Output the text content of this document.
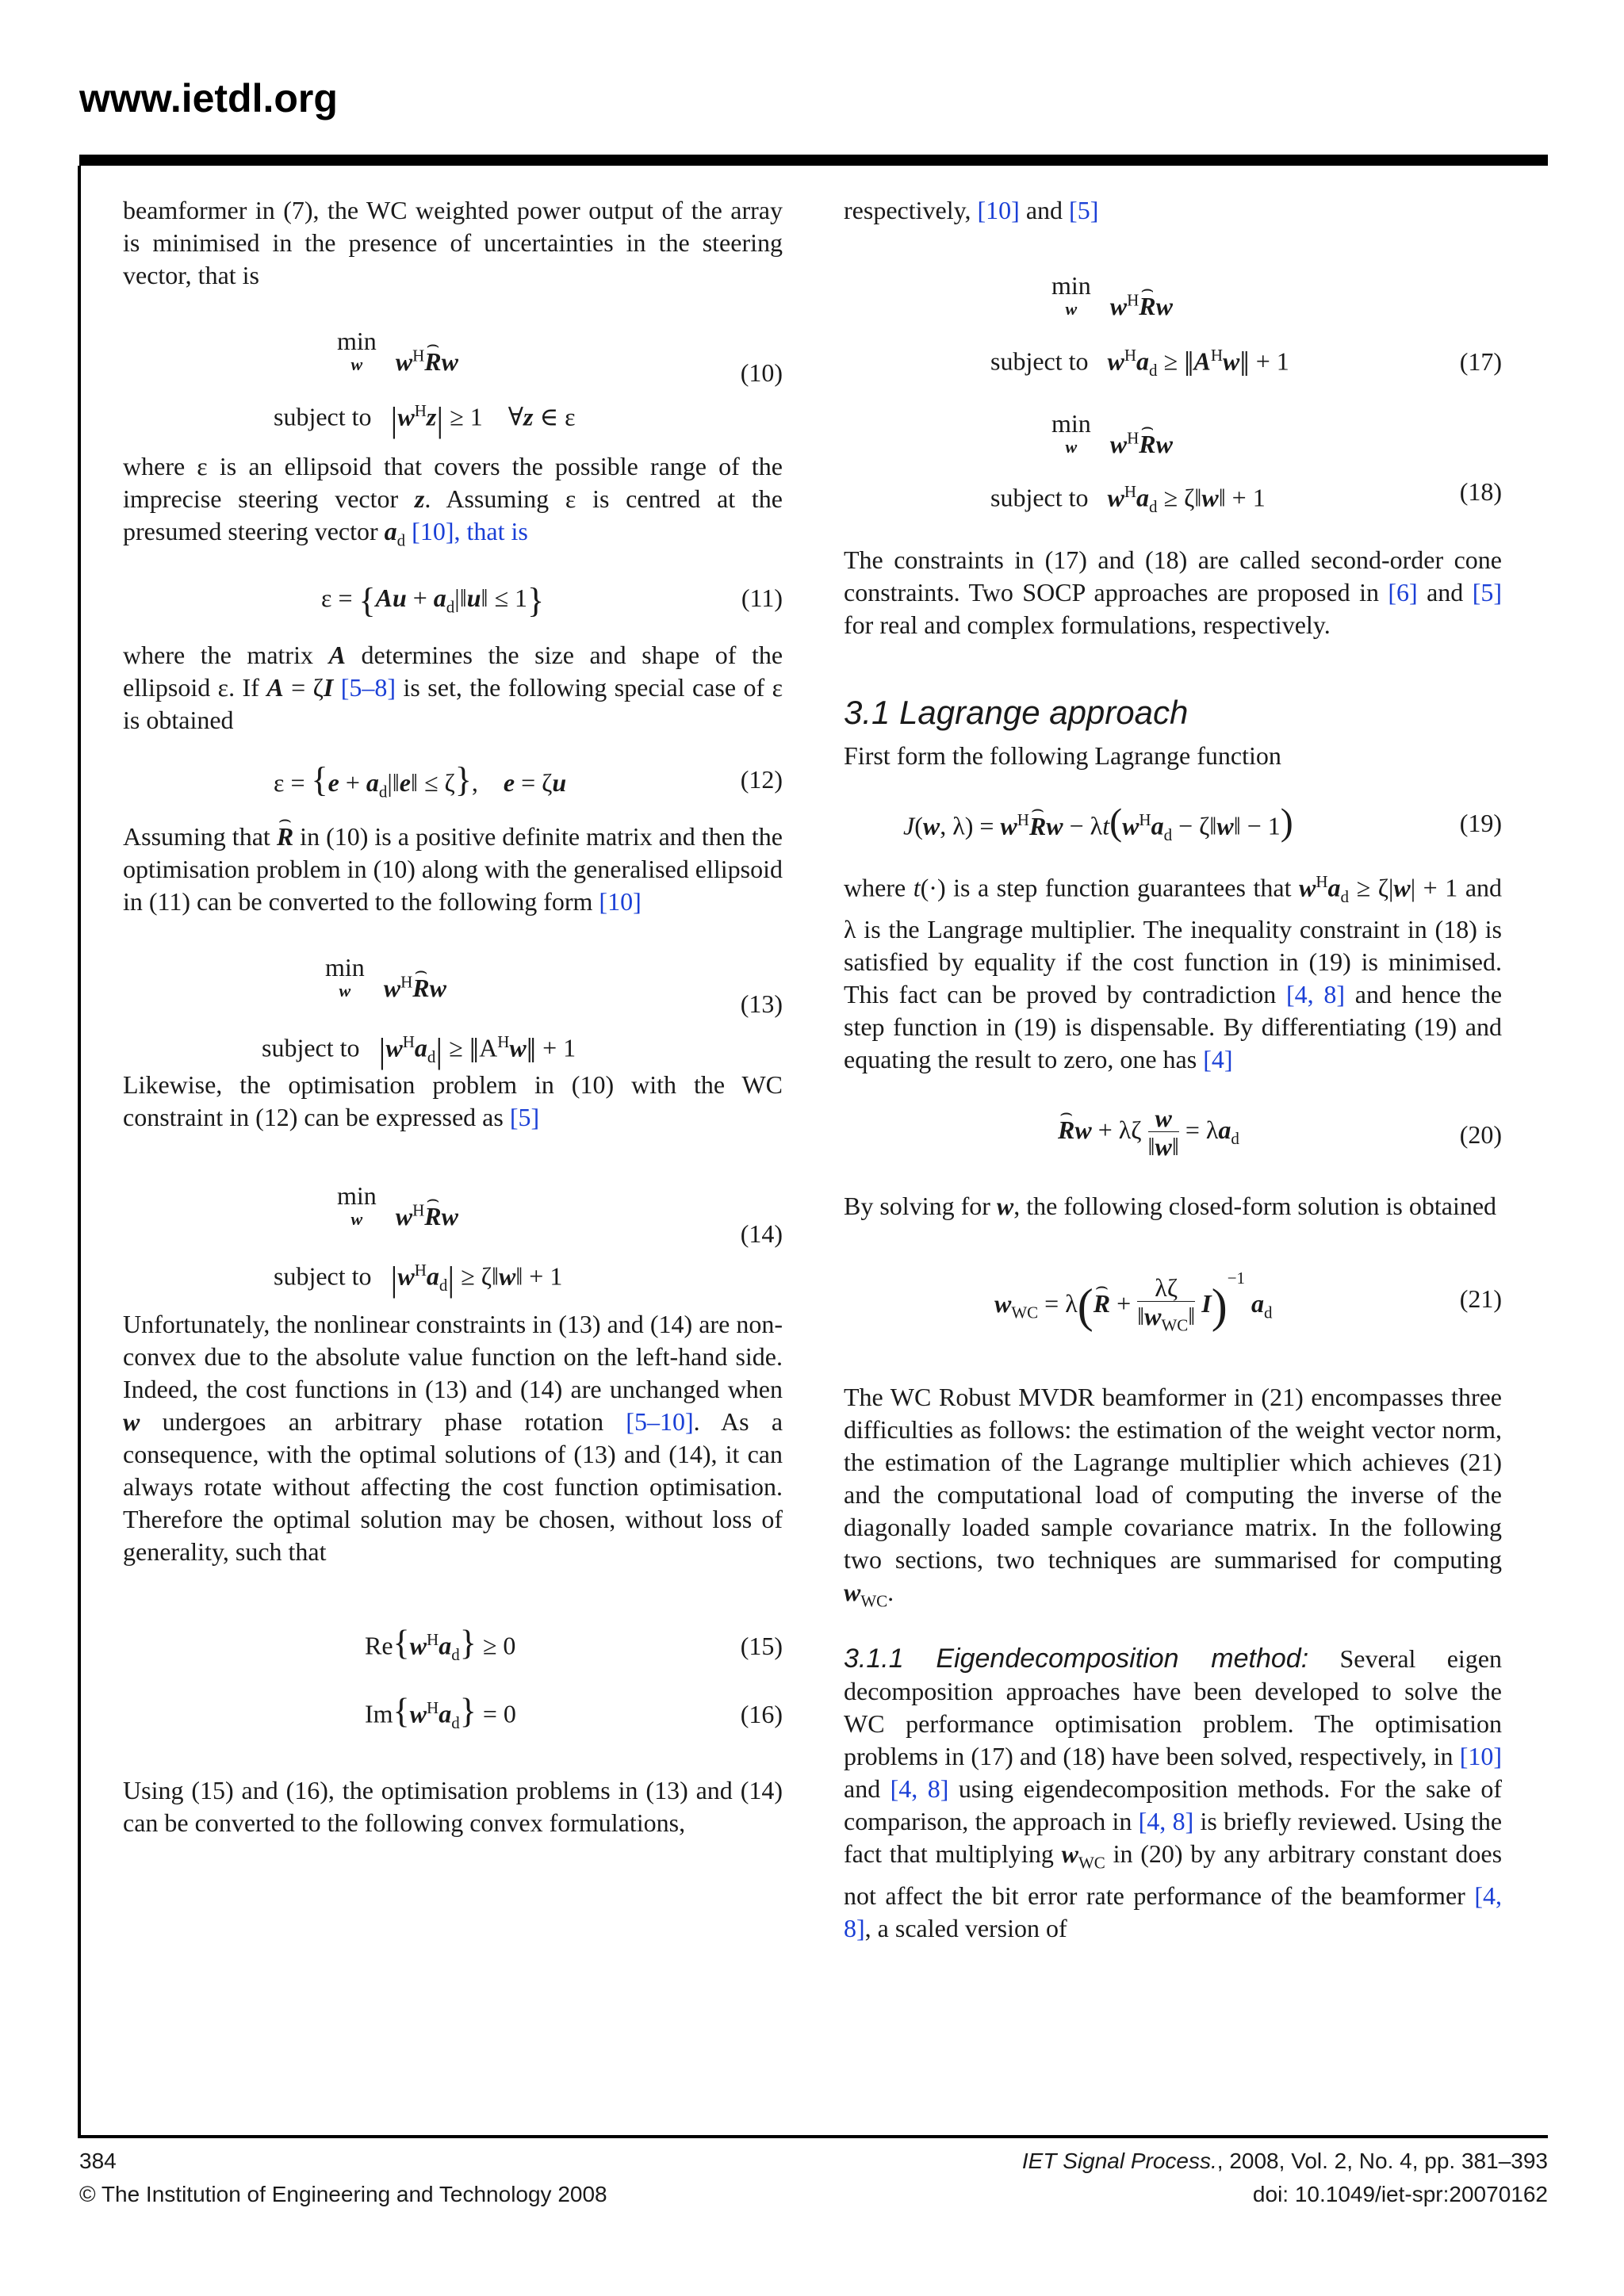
www.ietdl.org

beamformer in (7), the WC weighted power output of the array is minimised in the presence of uncertainties in the steering vector, that is

min
w	$w^H⌢$ Rw	(10)
subject to $|w^Hz| \ge 1$    ∀z ∈ ε

where ε is an ellipsoid that covers the possible range of the imprecise steering vector z. Assuming ε is centred at the presumed steering vector $a_d$ [10], that is

$\varepsilon = \{Au + a_d|‖u‖ \le 1\}$	(11)

where the matrix A determines the size and shape of the ellipsoid ε. If A = ζI [5–8] is set, the following special case of ε is obtained

$\varepsilon = \{e + a_d|‖e‖ \le \zeta\}$,    e = ζu	(12)

Assuming that ⌢ R in (10) is a positive definite matrix and then the optimisation problem in (10) along with the generalised ellipsoid in (11) can be converted to the following form [10]

min
w	$w^H⌢$ Rw
(13)
subject to $|w^Ha_d|$ ≥ $‖A^Hw‖ + 1$

Likewise, the optimisation problem in (10) with the WC constraint in (12) can be expressed as [5]

min
w	$w^H⌢$ Rw
(14)
subject to $|w^Ha_d|$ ≥ ζ‖w‖ + 1

Unfortunately, the nonlinear constraints in (13) and (14) are non-convex due to the absolute value function on the left-hand side. Indeed, the cost functions in (13) and (14) are unchanged when w undergoes an arbitrary phase rotation [5–10]. As a consequence, with the optimal solutions of (13) and (14), it can always rotate without affecting the cost function optimisation. Therefore the optimal solution may be chosen, without loss of generality, such that

$Re\{w^Ha_d\} \ge 0$	(15)
$Im\{w^Ha_d\} = 0$	(16)

Using (15) and (16), the optimisation problems in (13) and (14) can be converted to the following convex formulations,

respectively, [10] and [5]

min
w	$w^H⌢$ Rw
subject to $w^Ha_d$ ≥ $‖A^Hw‖ + 1$	(17)
min
w	$w^H⌢$ Rw
subject to $w^Ha_d$ ≥ ζ‖w‖ + 1	(18)

The constraints in (17) and (18) are called second-order cone constraints. Two SOCP approaches are proposed in [6] and [5] for real and complex formulations, respectively.

3.1 Lagrange approach

First form the following Lagrange function

J(w, $\lambda) = w^H⌢$ $Rw - \lambda t(w^Ha_d$ − ζ‖w‖ − 1)	(19)

where t(·) is a step function guarantees that $w^Ha_d \ge \zeta|w| + 1$ and λ is the Langrage multiplier. The inequality constraint in (18) is satisfied by equality if the cost function in (19) is minimised. This fact can be proved by contradiction [4, 8] and hence the step function in (19) is dispensable. By differentiating (19) and equating the result to zero, one has [4]

⌢ Rw + λζ $\frac{w}{‖w‖} = \lambda a_d$	(20)

By solving for w, the following closed-form solution is obtained

$w_{WC}$ = λ(⌢ $R + \frac{\lambda\zeta}{‖w_{WC}‖} I)^{-1}$ $a_d$	(21)

The WC Robust MVDR beamformer in (21) encompasses three difficulties as follows: the estimation of the weight vector norm, the estimation of the Lagrange multiplier which achieves (21) and the computational load of computing the inverse of the diagonally loaded sample covariance matrix. In the following two sections, two techniques are summarised for computing $w_{WC}$.

3.1.1 Eigendecomposition method: Several eigen decomposition approaches have been developed to solve the WC performance optimisation problem. The optimisation problems in (17) and (18) have been solved, respectively, in [10] and [4, 8] using eigendecomposition methods. For the sake of comparison, the approach in [4, 8] is briefly reviewed. Using the fact that multiplying $w_{WC}$ in (20) by any arbitrary constant does not affect the bit error rate performance of the beamformer [4, 8], a scaled version of

384
© The Institution of Engineering and Technology 2008
IET Signal Process., 2008, Vol. 2, No. 4, pp. 381–393
doi: 10.1049/iet-spr:20070162
